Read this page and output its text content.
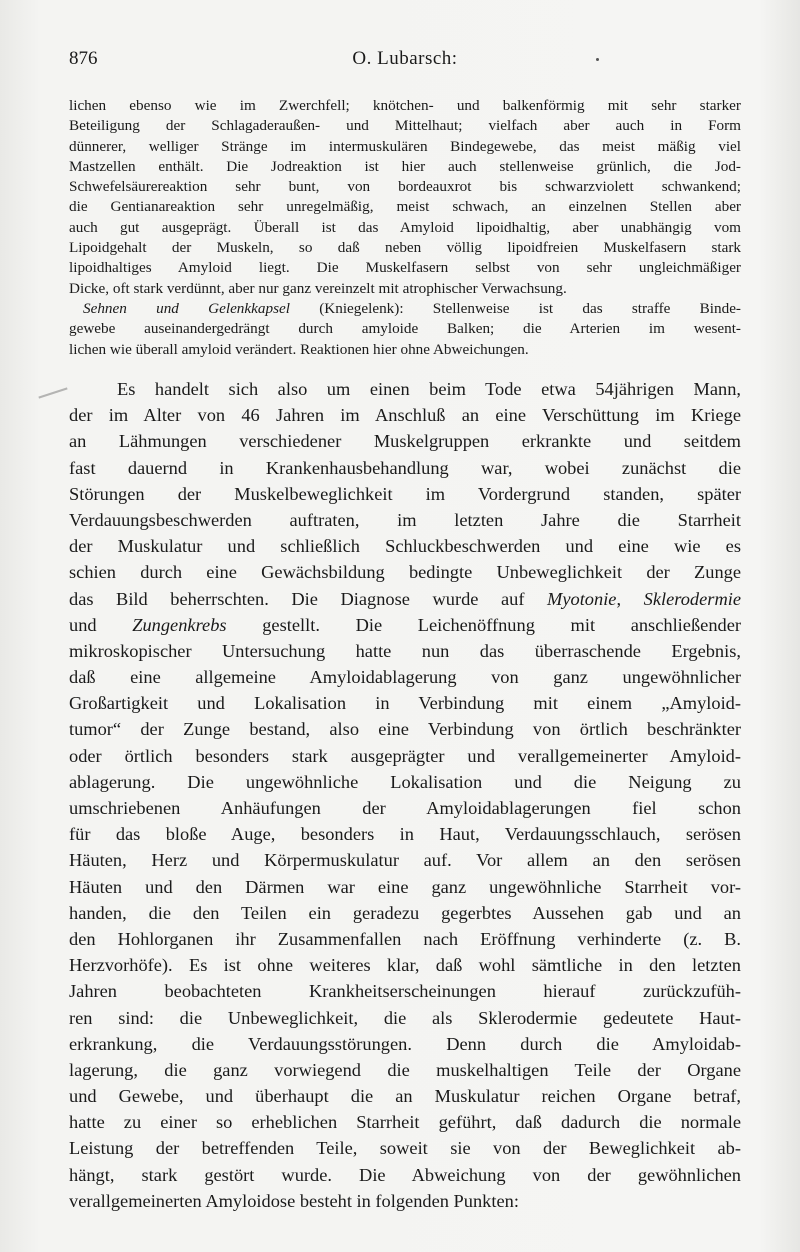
876	O. Lubarsch:
lichen ebenso wie im Zwerchfell; knötchen- und balkenförmig mit sehr starker
Beteiligung der Schlagaderaußen- und Mittelhaut; vielfach aber auch in Form
dünnerer, welliger Stränge im intermuskulären Bindegewebe, das meist mäßig viel
Mastzellen enthält. Die Jodreaktion ist hier auch stellenweise grünlich, die Jod-
Schwefelsäurereaktion sehr bunt, von bordeauxrot bis schwarzviolett schwankend;
die Gentianareaktion sehr unregelmäßig, meist schwach, an einzelnen Stellen aber
auch gut ausgeprägt. Überall ist das Amyloid lipoidhaltig, aber unabhängig vom
Lipoidgehalt der Muskeln, so daß neben völlig lipoidfreien Muskelfasern stark
lipoidhaltiges Amyloid liegt. Die Muskelfasern selbst von sehr ungleichmäßiger
Dicke, oft stark verdünnt, aber nur ganz vereinzelt mit atrophischer Verwachsung.
Sehnen und Gelenkkapsel (Kniegelenk): Stellenweise ist das straffe Binde-
gewebe auseinandergedrängt durch amyloide Balken; die Arterien im wesent-
lichen wie überall amyloid verändert. Reaktionen hier ohne Abweichungen.
Es handelt sich also um einen beim Tode etwa 54jährigen Mann,
der im Alter von 46 Jahren im Anschluß an eine Verschüttung im Kriege
an Lähmungen verschiedener Muskelgruppen erkrankte und seitdem
fast dauernd in Krankenhausbehandlung war, wobei zunächst die
Störungen der Muskelbeweglichkeit im Vordergrund standen, später
Verdauungsbeschwerden auftraten, im letzten Jahre die Starrheit
der Muskulatur und schließlich Schluckbeschwerden und eine wie es
schien durch eine Gewächsbildung bedingte Unbeweglichkeit der Zunge
das Bild beherrschten. Die Diagnose wurde auf Myotonie, Sklerodermie
und Zungenkrebs gestellt. Die Leichenöffnung mit anschließender
mikroskopischer Untersuchung hatte nun das überraschende Ergebnis,
daß eine allgemeine Amyloidablagerung von ganz ungewöhnlicher
Großartigkeit und Lokalisation in Verbindung mit einem „Amyloid-
tumor“ der Zunge bestand, also eine Verbindung von örtlich beschränkter
oder örtlich besonders stark ausgeprägter und verallgemeinerter Amyloid-
ablagerung. Die ungewöhnliche Lokalisation und die Neigung zu
umschriebenen Anhäufungen der Amyloidablagerungen fiel schon
für das bloße Auge, besonders in Haut, Verdauungsschlauch, serösen
Häuten, Herz und Körpermuskulatur auf. Vor allem an den serösen
Häuten und den Därmen war eine ganz ungewöhnliche Starrheit vor-
handen, die den Teilen ein geradezu gegerbtes Aussehen gab und an
den Hohlorganen ihr Zusammenfallen nach Eröffnung verhinderte (z. B.
Herzvorhöfe). Es ist ohne weiteres klar, daß wohl sämtliche in den letzten
Jahren beobachteten Krankheitserscheinungen hierauf zurückzufüh-
ren sind: die Unbeweglichkeit, die als Sklerodermie gedeutete Haut-
erkrankung, die Verdauungsstörungen. Denn durch die Amyloidab-
lagerung, die ganz vorwiegend die muskelhaltigen Teile der Organe
und Gewebe, und überhaupt die an Muskulatur reichen Organe betraf,
hatte zu einer so erheblichen Starrheit geführt, daß dadurch die normale
Leistung der betreffenden Teile, soweit sie von der Beweglichkeit ab-
hängt, stark gestört wurde. Die Abweichung von der gewöhnlichen
verallgemeinerten Amyloidose besteht in folgenden Punkten:
